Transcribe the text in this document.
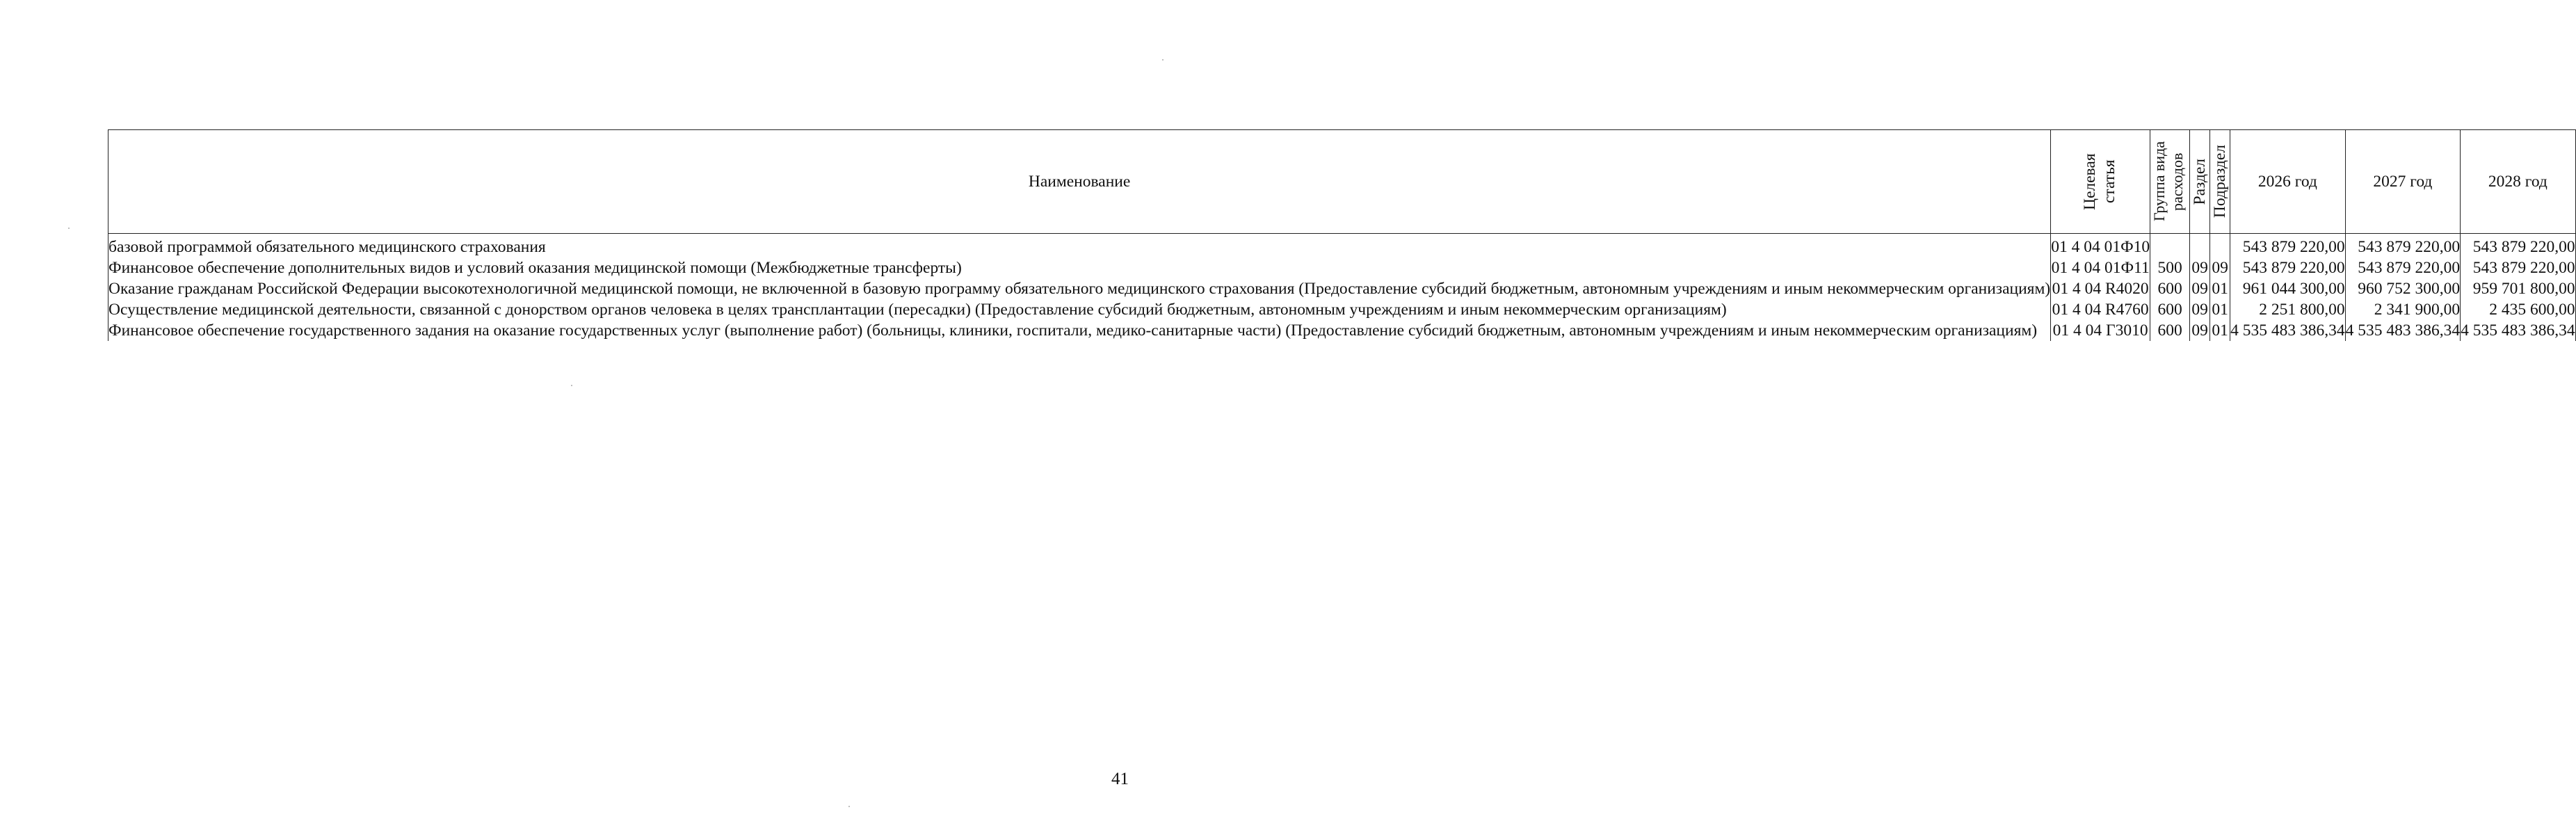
Наименование	Целевая статья	Группа вида расходов	Раздел	Подраздел	2026 год	2027 год	2028 год
базовой программой обязательного медицинского страхования	01 4 04 01Ф10				543 879 220,00	543 879 220,00	543 879 220,00
Финансовое обеспечение дополнительных видов и условий оказания медицинской помощи (Межбюджетные трансферты)	01 4 04 01Ф11	500	09	09	543 879 220,00	543 879 220,00	543 879 220,00
Оказание гражданам Российской Федерации высокотехнологичной медицинской помощи, не включенной в базовую программу обязательного медицинского страхования (Предоставление субсидий бюджетным, автономным учреждениям и иным некоммерческим организациям)	01 4 04 R4020	600	09	01	961 044 300,00	960 752 300,00	959 701 800,00
Осуществление медицинской деятельности, связанной с донорством органов человека в целях трансплантации (пересадки) (Предоставление субсидий бюджетным, автономным учреждениям и иным некоммерческим организациям)	01 4 04 R4760	600	09	01	2 251 800,00	2 341 900,00	2 435 600,00
Финансовое обеспечение государственного задания на оказание государственных услуг (выполнение работ) (больницы, клиники, госпитали, медико-санитарные части) (Предоставление субсидий бюджетным, автономным учреждениям и иным некоммерческим организациям)	01 4 04 Г3010	600	09	01	4 535 483 386,34	4 535 483 386,34	4 535 483 386,34
41
